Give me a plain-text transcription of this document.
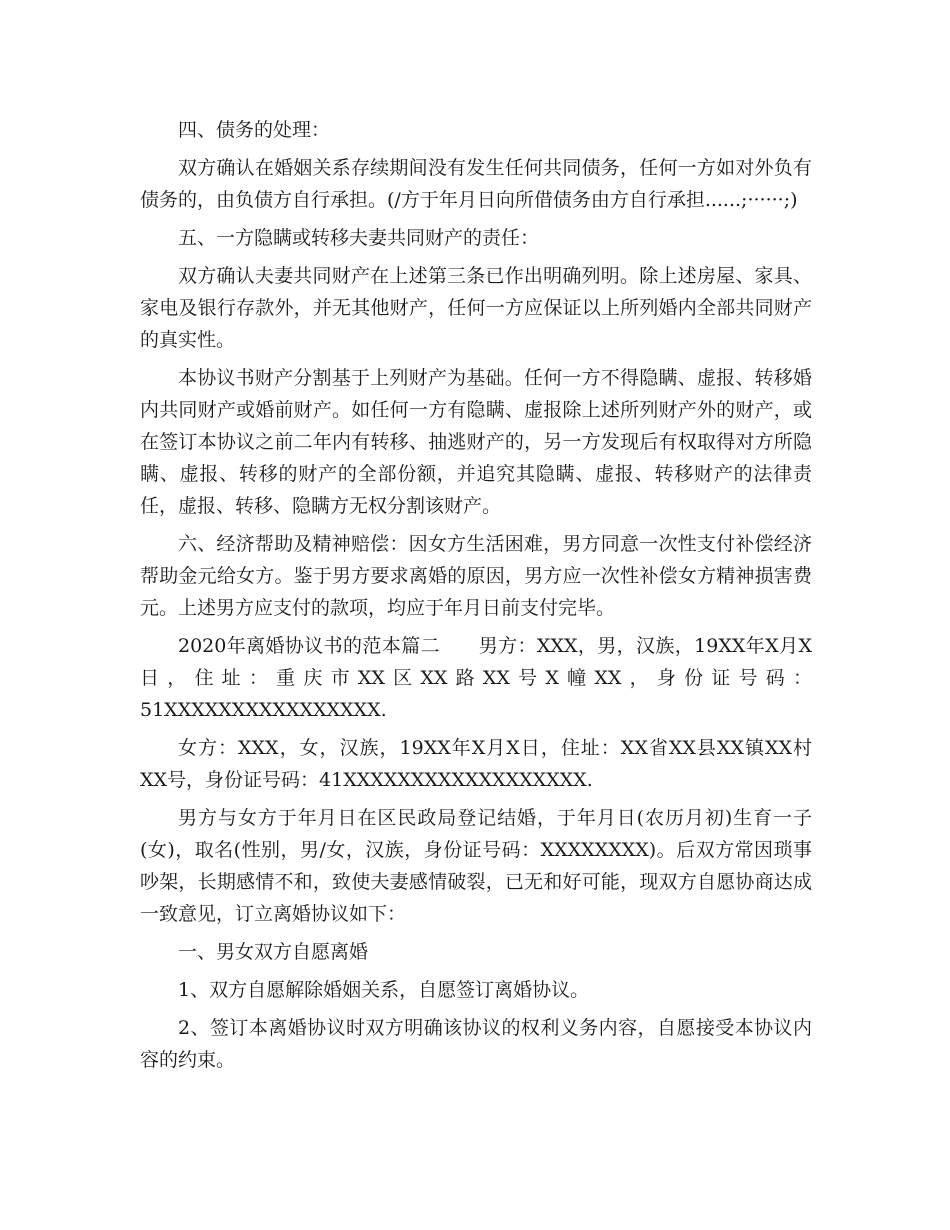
四、债务的处理：

双方确认在婚姻关系存续期间没有发生任何共同债务，任何一方如对外负有债务的，由负债方自行承担。(/方于年月日向所借债务由方自行承担......;······;)

五、一方隐瞒或转移夫妻共同财产的责任：

双方确认夫妻共同财产在上述第三条已作出明确列明。除上述房屋、家具、家电及银行存款外，并无其他财产，任何一方应保证以上所列婚内全部共同财产的真实性。

本协议书财产分割基于上列财产为基础。任何一方不得隐瞒、虚报、转移婚内共同财产或婚前财产。如任何一方有隐瞒、虚报除上述所列财产外的财产，或在签订本协议之前二年内有转移、抽逃财产的，另一方发现后有权取得对方所隐瞒、虚报、转移的财产的全部份额，并追究其隐瞒、虚报、转移财产的法律责任，虚报、转移、隐瞒方无权分割该财产。

六、经济帮助及精神赔偿：因女方生活困难，男方同意一次性支付补偿经济帮助金元给女方。鉴于男方要求离婚的原因，男方应一次性补偿女方精神损害费元。上述男方应支付的款项，均应于年月日前支付完毕。

2020年离婚协议书的范本篇二　　男方：XXX，男，汉族，19XX年X月X日，住址：重庆市XX区XX路XX号X幢XX，身份证号码：51XXXXXXXXXXXXXXXX.

女方：XXX，女，汉族，19XX年X月X日，住址：XX省XX县XX镇XX村XX号，身份证号码：41XXXXXXXXXXXXXXXXXX.

男方与女方于年月日在区民政局登记结婚，于年月日(农历月初)生育一子(女)，取名(性别，男/女，汉族，身份证号码：XXXXXXXX)。后双方常因琐事吵架，长期感情不和，致使夫妻感情破裂，已无和好可能，现双方自愿协商达成一致意见，订立离婚协议如下：

一、男女双方自愿离婚

1、双方自愿解除婚姻关系，自愿签订离婚协议。

2、签订本离婚协议时双方明确该协议的权利义务内容，自愿接受本协议内容的约束。
